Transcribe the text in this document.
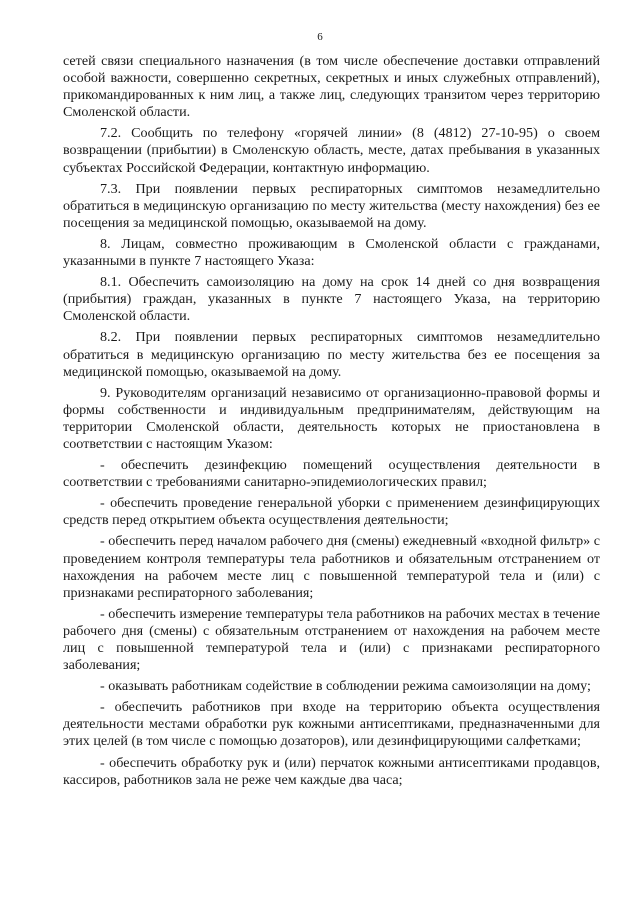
6

сетей связи специального назначения (в том числе обеспечение доставки отправлений особой важности, совершенно секретных, секретных и иных служебных отправлений), прикомандированных к ним лиц, а также лиц, следующих транзитом через территорию Смоленской области.

7.2. Сообщить по телефону «горячей линии» (8 (4812) 27-10-95) о своем возвращении (прибытии) в Смоленскую область, месте, датах пребывания в указанных субъектах Российской Федерации, контактную информацию.

7.3. При появлении первых респираторных симптомов незамедлительно обратиться в медицинскую организацию по месту жительства (месту нахождения) без ее посещения за медицинской помощью, оказываемой на дому.

8. Лицам, совместно проживающим в Смоленской области с гражданами, указанными в пункте 7 настоящего Указа:

8.1. Обеспечить самоизоляцию на дому на срок 14 дней со дня возвращения (прибытия) граждан, указанных в пункте 7 настоящего Указа, на территорию Смоленской области.

8.2. При появлении первых респираторных симптомов незамедлительно обратиться в медицинскую организацию по месту жительства без ее посещения за медицинской помощью, оказываемой на дому.

9. Руководителям организаций независимо от организационно-правовой формы и формы собственности и индивидуальным предпринимателям, действующим на территории Смоленской области, деятельность которых не приостановлена в соответствии с настоящим Указом:

- обеспечить дезинфекцию помещений осуществления деятельности в соответствии с требованиями санитарно-эпидемиологических правил;

- обеспечить проведение генеральной уборки с применением дезинфицирующих средств перед открытием объекта осуществления деятельности;

- обеспечить перед началом рабочего дня (смены) ежедневный «входной фильтр» с проведением контроля температуры тела работников и обязательным отстранением от нахождения на рабочем месте лиц с повышенной температурой тела и (или) с признаками респираторного заболевания;

- обеспечить измерение температуры тела работников на рабочих местах в течение рабочего дня (смены) с обязательным отстранением от нахождения на рабочем месте лиц с повышенной температурой тела и (или) с признаками респираторного заболевания;

- оказывать работникам содействие в соблюдении режима самоизоляции на дому;

- обеспечить работников при входе на территорию объекта осуществления деятельности местами обработки рук кожными антисептиками, предназначенными для этих целей (в том числе с помощью дозаторов), или дезинфицирующими салфетками;

- обеспечить обработку рук и (или) перчаток кожными антисептиками продавцов, кассиров, работников зала не реже чем каждые два часа;
